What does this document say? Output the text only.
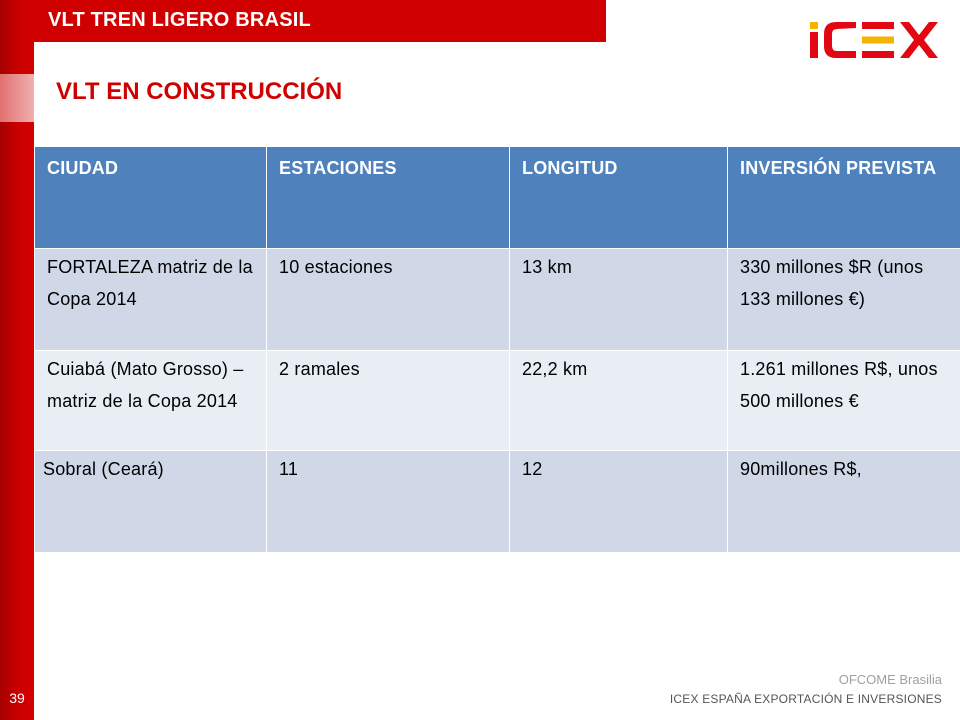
VLT TREN LIGERO BRASIL
VLT EN CONSTRUCCIÓN
CIUDAD	ESTACIONES	LONGITUD	INVERSIÓN PREVISTA
FORTALEZA matriz de la Copa 2014	10 estaciones	13 km	330 millones $R (unos 133 millones €)
Cuiabá (Mato Grosso) –matriz de la Copa 2014	2 ramales	22,2 km	1.261 millones R$, unos 500 millones €
Sobral (Ceará)	11	12	90millones R$,
OFCOME Brasilia
ICEX ESPAÑA EXPORTACIÓN E INVERSIONES
39
